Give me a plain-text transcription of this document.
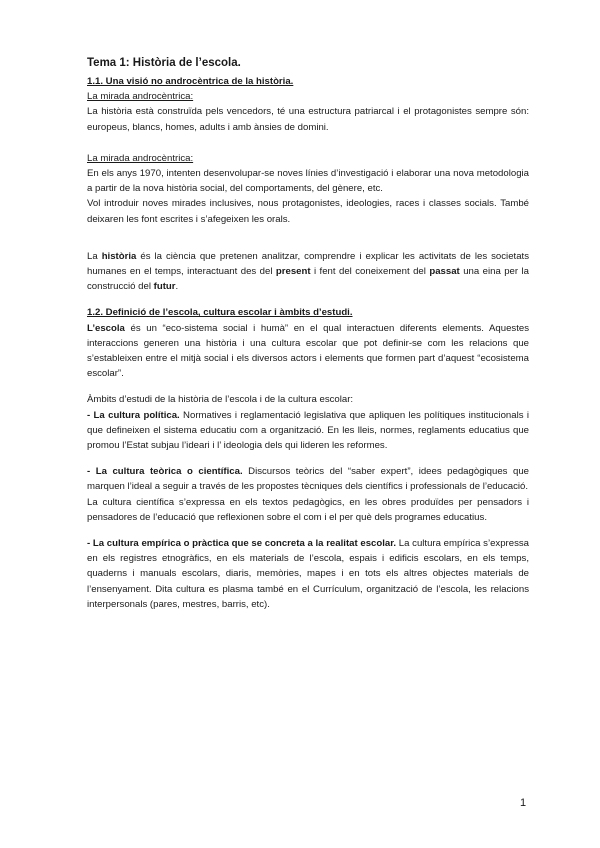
Tema 1: Història de l’escola.

1.1. Una visió no androcèntrica de la història.

La mirada androcèntrica:

La història està construïda pels vencedors, té una estructura patriarcal i el protagonistes sempre són: europeus, blancs, homes, adults i amb ànsies de domini.

La mirada androcèntrica:

En els anys 1970, intenten desenvolupar-se noves línies d’investigació i elaborar una nova metodologia a partir de la nova història social, del comportaments, del gènere, etc.

Vol introduir noves mirades inclusives, nous protagonistes, ideologies, races i classes socials. També deixaren les font escrites i s’afegeixen les orals.

La història és la ciència que pretenen analitzar, comprendre i explicar les activitats de les societats humanes en el temps, interactuant des del present i fent del coneixement del passat una eina per la construcció del futur.

1.2. Definició de l’escola, cultura escolar i àmbits d’estudi.

L’escola és un “eco-sistema social i humà” en el qual interactuen diferents elements. Aquestes interaccions generen una història i una cultura escolar que pot definir-se com les relacions que s’estableixen entre el mitjà social i els diversos actors i elements que formen part d’aquest “ecosistema escolar”.

Àmbits d’estudi de la història de l’escola i de la cultura escolar:

- La cultura política. Normatives i reglamentació legislativa que apliquen les polítiques institucionals i que defineixen el sistema educatiu com a organització. En les lleis, normes, reglaments educatius que promou l’Estat subjau l’ideari i l’ ideologia dels qui lideren les reformes.

- La cultura teòrica o científica. Discursos teòrics del “saber expert”, idees pedagògiques que marquen l’ideal a seguir a través de les propostes tècniques dels científics i professionals de l’educació.

La cultura científica s’expressa en els textos pedagògics, en les obres produïdes per pensadors i pensadores de l’educació que reflexionen sobre el com i el per què dels programes educatius.

- La cultura empírica o pràctica que se concreta a la realitat escolar. La cultura empírica s’expressa en els registres etnogràfics, en els materials de l’escola, espais i edificis escolars, en els temps, quaderns i manuals escolars, diaris, memòries, mapes i en tots els altres objectes materials de l’ensenyament. Dita cultura es plasma també en el Currículum, organització de l’escola, les relacions interpersonals (pares, mestres, barris, etc).

1
